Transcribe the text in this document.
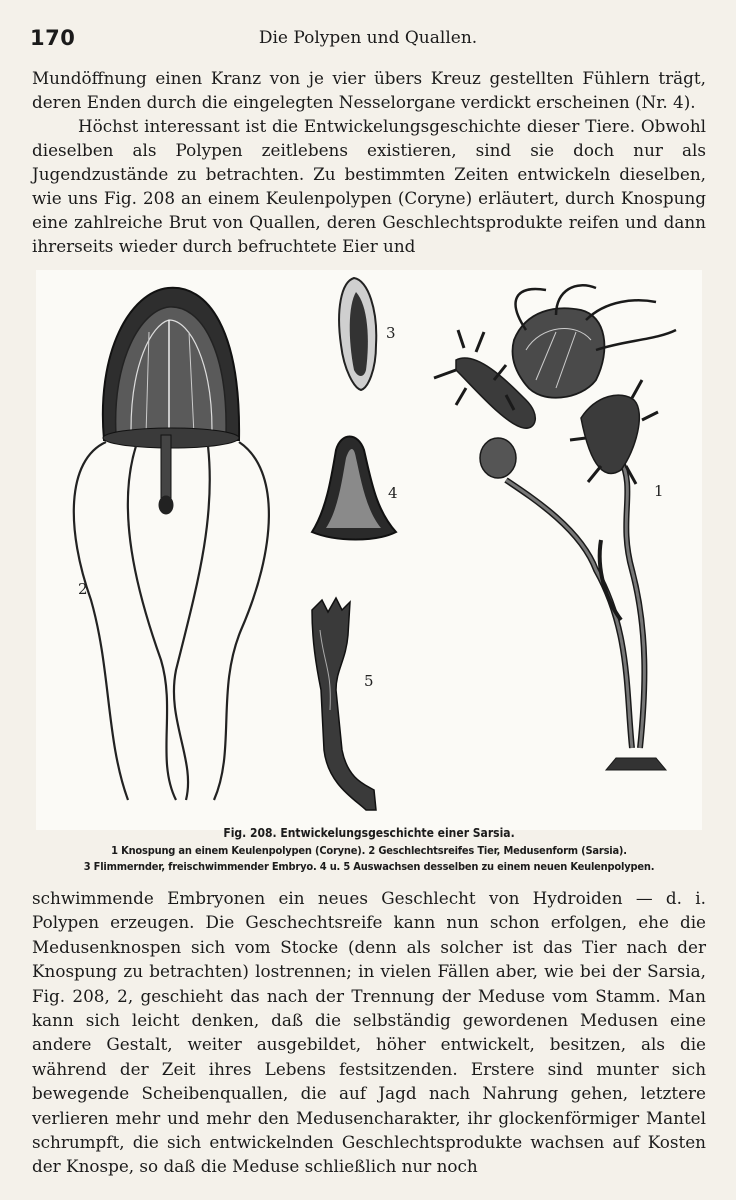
170	Die Polypen und Quallen.

Mundöffnung einen Kranz von je vier übers Kreuz gestellten Fühlern trägt, deren Enden durch die eingelegten Nesselorgane verdickt erscheinen (Nr. 4).

Höchst interessant ist die Entwickelungsgeschichte dieser Tiere. Obwohl dieselben als Polypen zeitlebens existieren, sind sie doch nur als Jugendzustände zu betrachten. Zu bestimmten Zeiten entwickeln dieselben, wie uns Fig. 208 an einem Keulenpolypen (Coryne) erläutert, durch Knospung eine zahlreiche Brut von Quallen, deren Geschlechtsprodukte reifen und dann ihrerseits wieder durch befruchtete Eier und

1
2
3
4
5
Fig. 208. Entwickelungsgeschichte einer Sarsia.
1 Knospung an einem Keulenpolypen (Coryne). 2 Geschlechtsreifes Tier, Medusenform (Sarsia).
3 Flimmernder, freischwimmender Embryo. 4 u. 5 Auswachsen desselben zu einem neuen Keulenpolypen.

schwimmende Embryonen ein neues Geschlecht von Hydroiden — d. i. Polypen erzeugen. Die Geschechtsreife kann nun schon erfolgen, ehe die Medusenknospen sich vom Stocke (denn als solcher ist das Tier nach der Knospung zu betrachten) lostrennen; in vielen Fällen aber, wie bei der Sarsia, Fig. 208, 2, geschieht das nach der Trennung der Meduse vom Stamm. Man kann sich leicht denken, daß die selbständig gewordenen Medusen eine andere Gestalt, weiter ausgebildet, höher entwickelt, besitzen, als die während der Zeit ihres Lebens festsitzenden. Erstere sind munter sich bewegende Scheibenquallen, die auf Jagd nach Nahrung gehen, letztere verlieren mehr und mehr den Medusencharakter, ihr glockenförmiger Mantel schrumpft, die sich entwickelnden Geschlechtsprodukte wachsen auf Kosten der Knospe, so daß die Meduse schließlich nur noch
